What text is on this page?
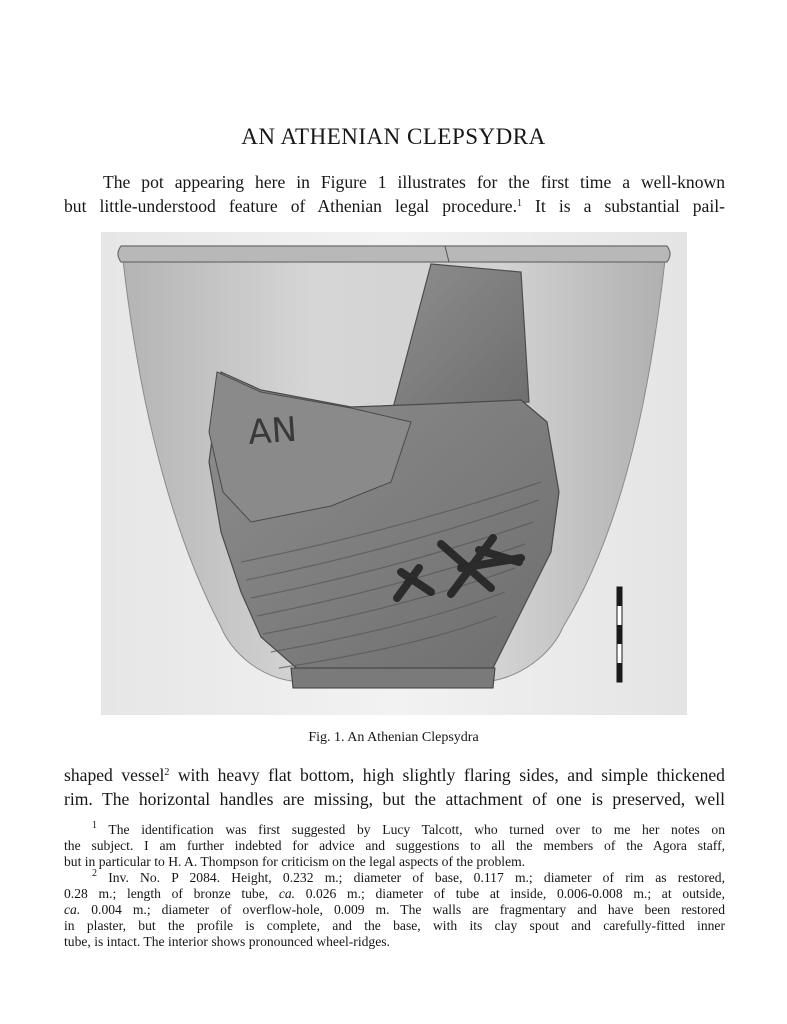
AN ATHENIAN CLEPSYDRA

The pot appearing here in Figure 1 illustrates for the first time a well-known
but little-understood feature of Athenian legal procedure.$^1$ It is a substantial pail-

AN

Fig. 1. An Athenian Clepsydra

shaped vessel$^2$ with heavy flat bottom, high slightly flaring sides, and simple thickened
rim. The horizontal handles are missing, but the attachment of one is preserved, well

$^1$ The identification was first suggested by Lucy Talcott, who turned over to me her notes on
the subject. I am further indebted for advice and suggestions to all the members of the Agora staff,
but in particular to H. A. Thompson for criticism on the legal aspects of the problem.
$^2$ Inv. No. P 2084. Height, 0.232 m.; diameter of base, 0.117 m.; diameter of rim as restored,
0.28 m.; length of bronze tube, ca. 0.026 m.; diameter of tube at inside, 0.006-0.008 m.; at outside,
ca. 0.004 m.; diameter of overflow-hole, 0.009 m. The walls are fragmentary and have been restored
in plaster, but the profile is complete, and the base, with its clay spout and carefully-fitted inner
tube, is intact. The interior shows pronounced wheel-ridges.
